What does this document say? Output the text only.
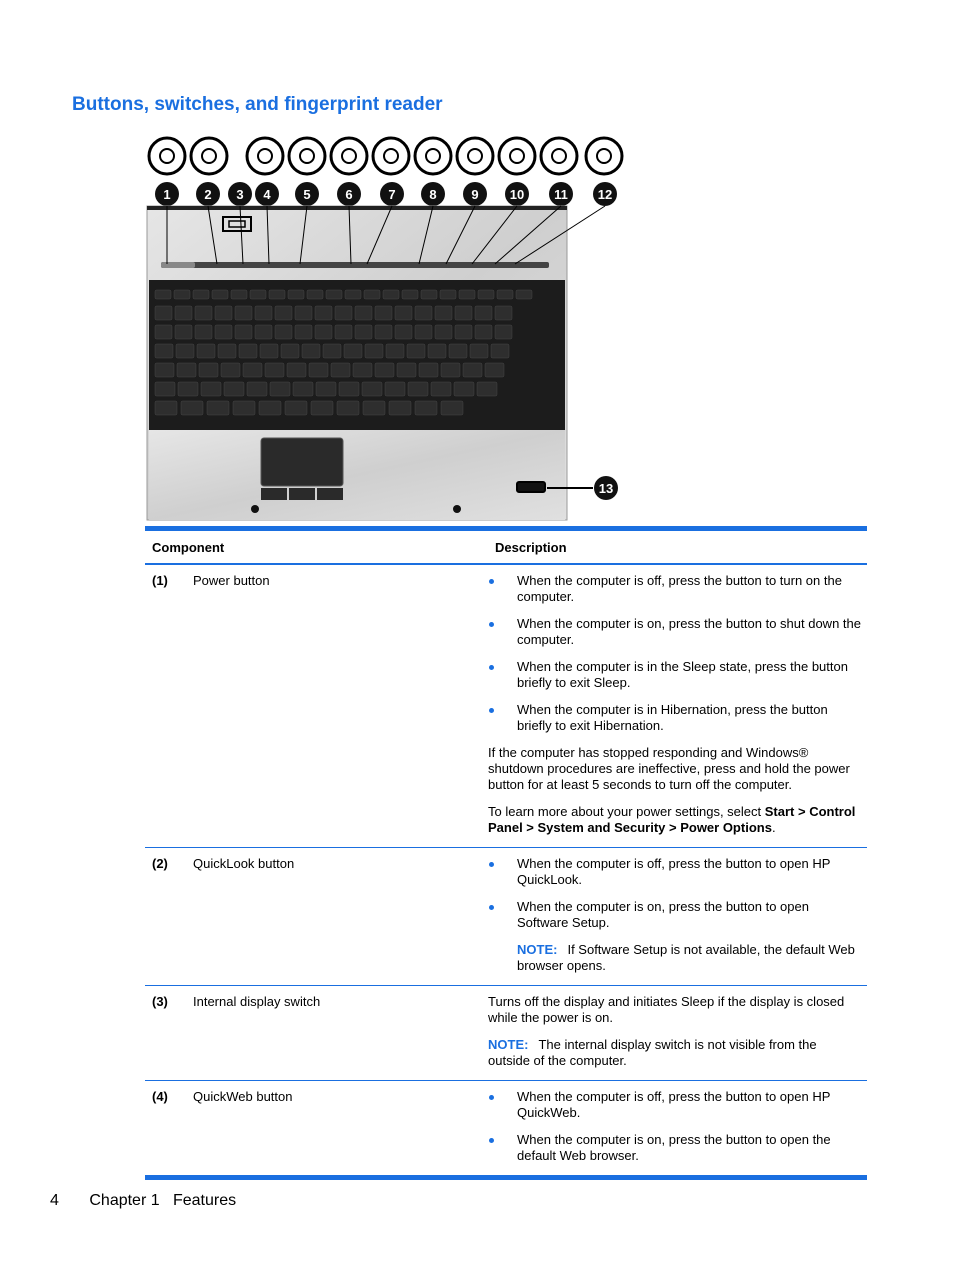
Buttons, switches, and fingerprint reader
1	2 3 4	5	6	7	8	9 10 11 12
13
Component	Description
(1)	Power button	When the computer is off, press the button to turn on the computer.

When the computer is on, press the button to shut down the computer.

When the computer is in the Sleep state, press the button briefly to exit Sleep.

When the computer is in Hibernation, press the button briefly to exit Hibernation.

If the computer has stopped responding and Windows® shutdown procedures are ineffective, press and hold the power button for at least 5 seconds to turn off the computer.

To learn more about your power settings, select Start > Control Panel > System and Security > Power Options.

(2)	QuickLook button	When the computer is off, press the button to open HP QuickLook.

When the computer is on, press the button to open Software Setup.

NOTE: If Software Setup is not available, the default Web browser opens.

(3)	Internal display switch	Turns off the display and initiates Sleep if the display is closed while the power is on.

NOTE: The internal display switch is not visible from the outside of the computer.

(4)	QuickWeb button	When the computer is off, press the button to open HP QuickWeb.

When the computer is on, press the button to open the default Web browser.

4 Chapter 1   Features
